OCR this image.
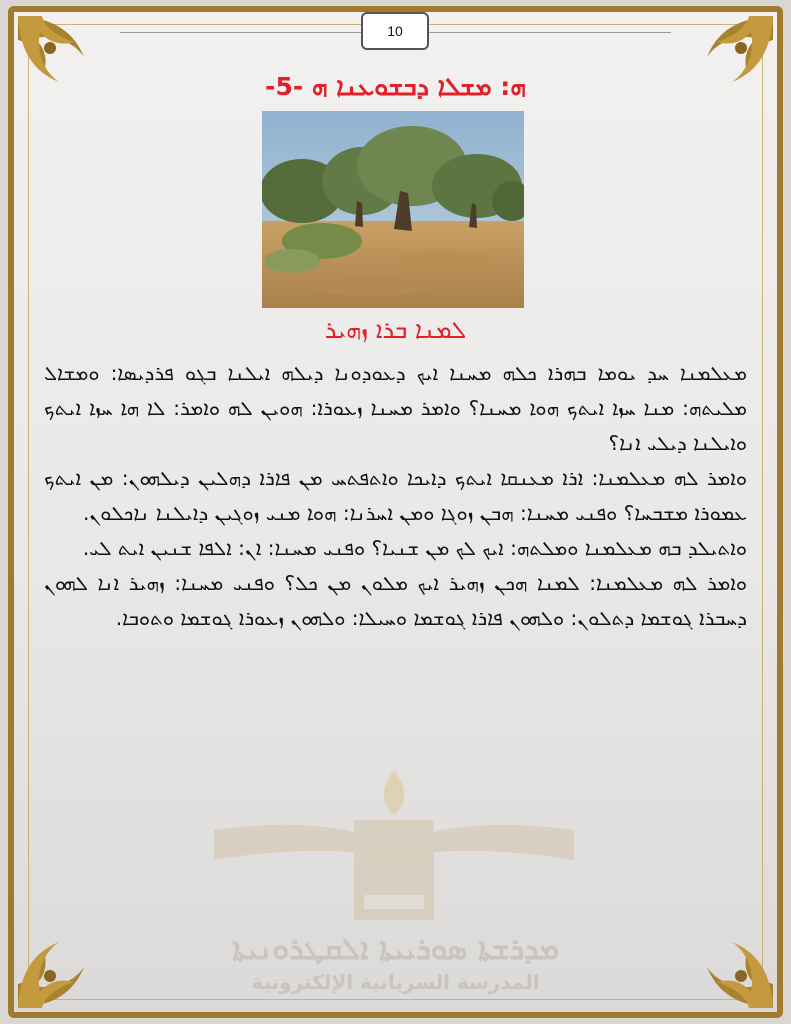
10
ܗ: ܡܫܠܐ ܕܒܫܘܥܢܐ ܗ -5-
ܠܡܢܐ ܒܪܐ ܙܗܝܪ

ܡܥܠܡܢܐ ܚܕ ܝܘܡܐ ܒܗܪܐ ܟܠܗ ܡܚܢܐ ܐܝܟ ܕܥܘܕܘܢܐ ܕܝܠܗ ܐܝܠܢܐ ܒܓܘ ܦܪܕܝܣܐ: ܘܡܫܐܠ ܡܠܝܬܗ: ܡܢܐ ܚܙܐ ܐܝܬܟ ܗܘܐ ܡܚܢܐ؟ ܘܐܡܪ ܡܚܢܐ ܙܥܘܪܐ: ܗܘܝܢ ܠܗ ܘܐܡܪ: ܠܐ ܗܐ ܚܙܐ ܐܝܬܟ ܘܐܝܠܢܐ ܕܝܠܝ ܐܢܐ؟

ܘܐܡܪ ܠܗ ܡܥܠܡܢܐ: ܐܪܐ ܡܥܢܩܐ ܐܝܬܟ ܕܐܝܟܐ ܘܐܬܦܬܚ ܡܢ ܦܐܪܐ ܕܗܠܝܢ ܕܝܠܗܘܢ: ܡܢ ܐܝܬܟ ܥܡܘܪܐ ܡܫܒܚܐ؟ ܘܦܢܝ ܡܚܢܐ: ܗܒܢ ܙܘܓܐ ܘܡܢ ܐܚܪܢܐ: ܗܘܐ ܡܢܝ ܙܘܓܝܢ ܕܐܝܠܢܐ ܢܐܟܠܘܢ.

ܘܐܬܝܠܕ ܒܗ ܡܥܠܡܢܐ ܘܡܠܬܗ: ܐܝܟ ܠܟ ܡܢ ܫܢܝܐ؟ ܘܦܢܝ ܡܚܢܐ: ܐܢ: ܐܠܦܐ ܫܢܝܢ ܐܝܬ ܠܝ.

ܘܐܡܪ ܠܗ ܡܥܠܡܢܐ: ܠܡܢܐ ܗܟܢ ܙܗܝܪ ܐܝܟ ܡܠܘܢ ܡܢ ܟܠ؟ ܘܦܢܝ ܡܚܢܐ: ܙܗܝܪ ܐܢܐ ܠܗܘܢ ܕܚܒܪܐ ܓܘܫܡܐ ܕܬܠܘܢ: ܘܠܗܘܢ ܦܐܪܐ ܓܘܫܡܐ ܘܚܝܠܐ: ܘܠܗܘܢ ܙܥܘܪܐ ܓܘܫܡܐ ܘܬܘܒܐ.

ܡܕܪܫܬܐ ܣܘܪܝܝܬܐ ܐܠܩܛܪܘܢܝܬܐ
المدرسة السريانية الإلكترونية
